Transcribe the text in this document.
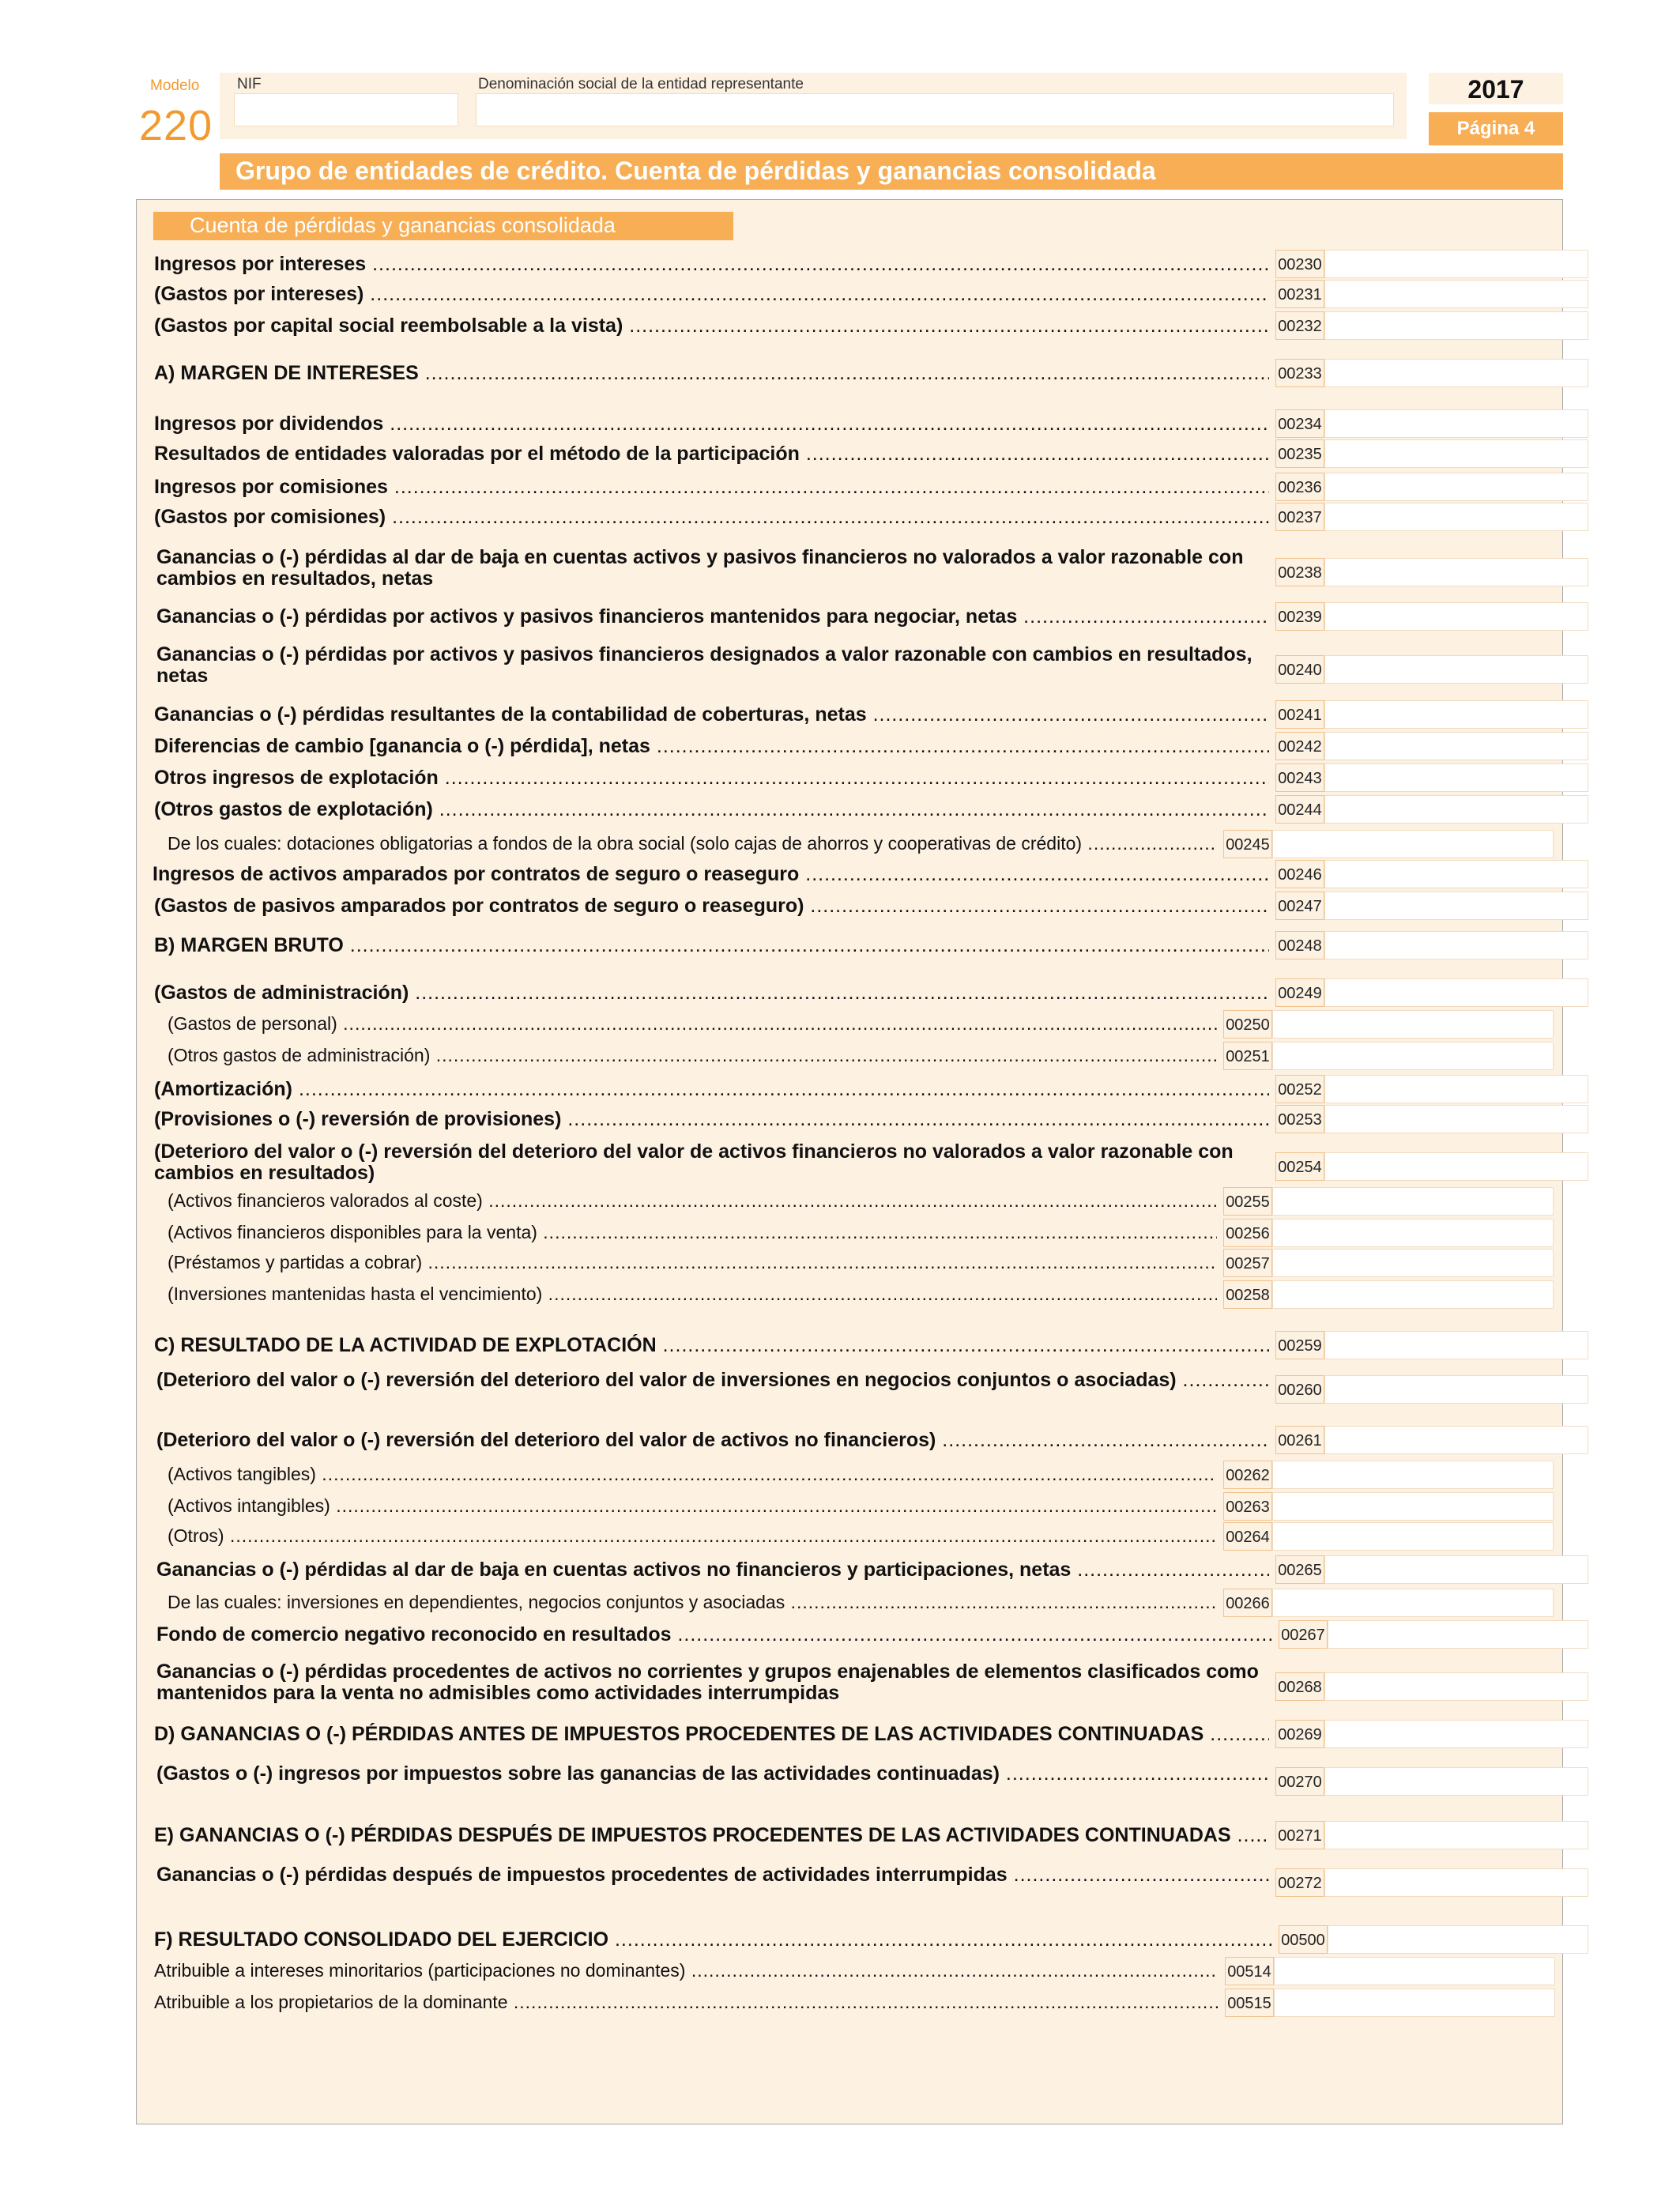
Modelo
220
NIF	Denominación social de la entidad representante	2017
Página 4
Grupo de entidades de crédito. Cuenta de pérdidas y ganancias consolidada
Cuenta de pérdidas y ganancias consolidada
Ingresos por intereses .....	00230
(Gastos por intereses) .....	00231
(Gastos por capital social reembolsable a la vista) .....	00232
A) MARGEN DE INTERESES .....	00233
Ingresos por dividendos .....	00234
Resultados de entidades valoradas por el método de la participación .....	00235
Ingresos por comisiones .....	00236
(Gastos por comisiones) .....	00237
Ganancias o (-) pérdidas al dar de baja en cuentas activos y pasivos financieros no valorados a valor razonable con cambios en resultados, netas .....	00238
Ganancias o (-) pérdidas por activos y pasivos financieros mantenidos para negociar, netas .....	00239
Ganancias o (-) pérdidas por activos y pasivos financieros designados a valor razonable con cambios en resultados, netas .....	00240
Ganancias o (-) pérdidas resultantes de la contabilidad de coberturas, netas .....	00241
Diferencias de cambio [ganancia o (-) pérdida], netas .....	00242
Otros ingresos de explotación .....	00243
(Otros gastos de explotación) .....	00244
De los cuales: dotaciones obligatorias a fondos de la obra social (solo cajas de ahorros y cooperativas de crédito) .....	00245
Ingresos de activos amparados por contratos de seguro o reaseguro .....	00246
(Gastos de pasivos amparados por contratos de seguro o reaseguro) .....	00247
B) MARGEN BRUTO .....	00248
(Gastos de administración) .....	00249
(Gastos de personal) .....	00250
(Otros gastos de administración) .....	00251
(Amortización) .....	00252
(Provisiones o (-) reversión de provisiones) .....	00253
(Deterioro del valor o (-) reversión del deterioro del valor de activos financieros no valorados a valor razonable con cambios en resultados) .....	00254
(Activos financieros valorados al coste) .....	00255
(Activos financieros disponibles para la venta) .....	00256
(Préstamos y partidas a cobrar) .....	00257
(Inversiones mantenidas hasta el vencimiento) .....	00258
C) RESULTADO DE LA ACTIVIDAD DE EXPLOTACIÓN .....	00259
(Deterioro del valor o (-) reversión del deterioro del valor de inversiones en negocios conjuntos o asociadas) .....	00260
(Deterioro del valor o (-) reversión del deterioro del valor de activos no financieros) .....	00261
(Activos tangibles) .....	00262
(Activos intangibles) .....	00263
(Otros) .....	00264
Ganancias o (-) pérdidas al dar de baja en cuentas activos no financieros y participaciones, netas .....	00265
De las cuales: inversiones en dependientes, negocios conjuntos y asociadas .....	00266
Fondo de comercio negativo reconocido en resultados .....	00267
Ganancias o (-) pérdidas procedentes de activos no corrientes y grupos enajenables de elementos clasificados como mantenidos para la venta no admisibles como actividades interrumpidas .....	00268
D) GANANCIAS O (-) PÉRDIDAS ANTES DE IMPUESTOS PROCEDENTES DE LAS ACTIVIDADES CONTINUADAS .....	00269
(Gastos o (-) ingresos por impuestos sobre las ganancias de las actividades continuadas) .....	00270
E) GANANCIAS O (-) PÉRDIDAS DESPUÉS DE IMPUESTOS PROCEDENTES DE LAS ACTIVIDADES CONTINUADAS .....	00271
Ganancias o (-) pérdidas después de impuestos procedentes de actividades interrumpidas .....	00272
F) RESULTADO CONSOLIDADO DEL EJERCICIO .....	00500
Atribuible a intereses minoritarios (participaciones no dominantes) .....	00514
Atribuible a los propietarios de la dominante .....	00515
